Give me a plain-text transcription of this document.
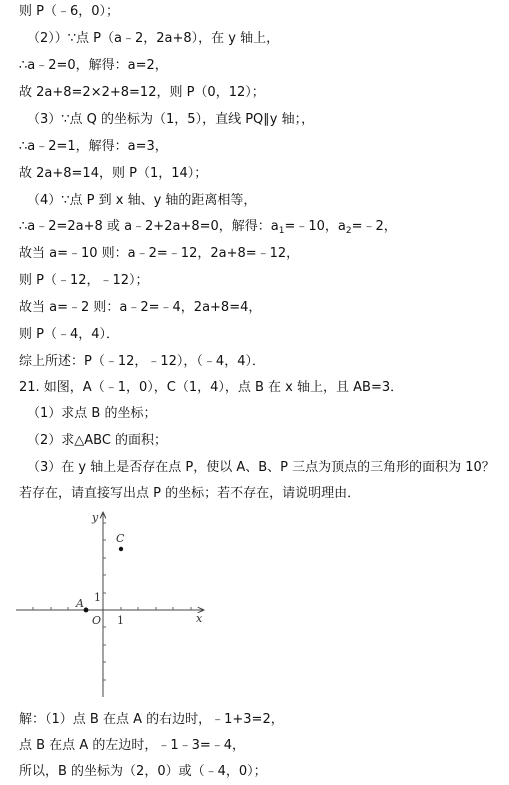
则 P（﹣6，0）；
（2））∵点 P（a﹣2，2a+8），在 y 轴上，
∴a﹣2=0，解得：a=2，
故 2a+8=2×2+8=12，则 P（0，12）；
（3）∵点 Q 的坐标为（1，5），直线 PQ∥y 轴；，
∴a﹣2=1，解得：a=3，
故 2a+8=14，则 P（1，14）；
（4）∵点 P 到 x 轴、y 轴的距离相等，
∴a﹣2=2a+8 或 a﹣2+2a+8=0，解得：$a_1=﹣10$，$a_2=﹣2$，
故当 a=﹣10 则：a﹣2=﹣12，2a+8=﹣12，
则 P（﹣12，﹣12）；
故当 a=﹣2 则：a﹣2=﹣4，2a+8=4，
则 P（﹣4，4）．
综上所述：P（﹣12，﹣12），（﹣4，4）．
21. 如图，A（﹣1，0），C（1，4），点 B 在 x 轴上，且 AB=3．
（1）求点 B 的坐标；
（2）求△ABC 的面积；
（3）在 y 轴上是否存在点 P，使以 A、B、P 三点为顶点的三角形的面积为 10？
若存在，请直接写出点 P 的坐标；若不存在，请说明理由．
x
y
O 1
1
A
C
解：（1）点 B 在点 A 的右边时，﹣1+3=2，
点 B 在点 A 的左边时，﹣1﹣3=﹣4，
所以，B 的坐标为（2，0）或（﹣4，0）；
